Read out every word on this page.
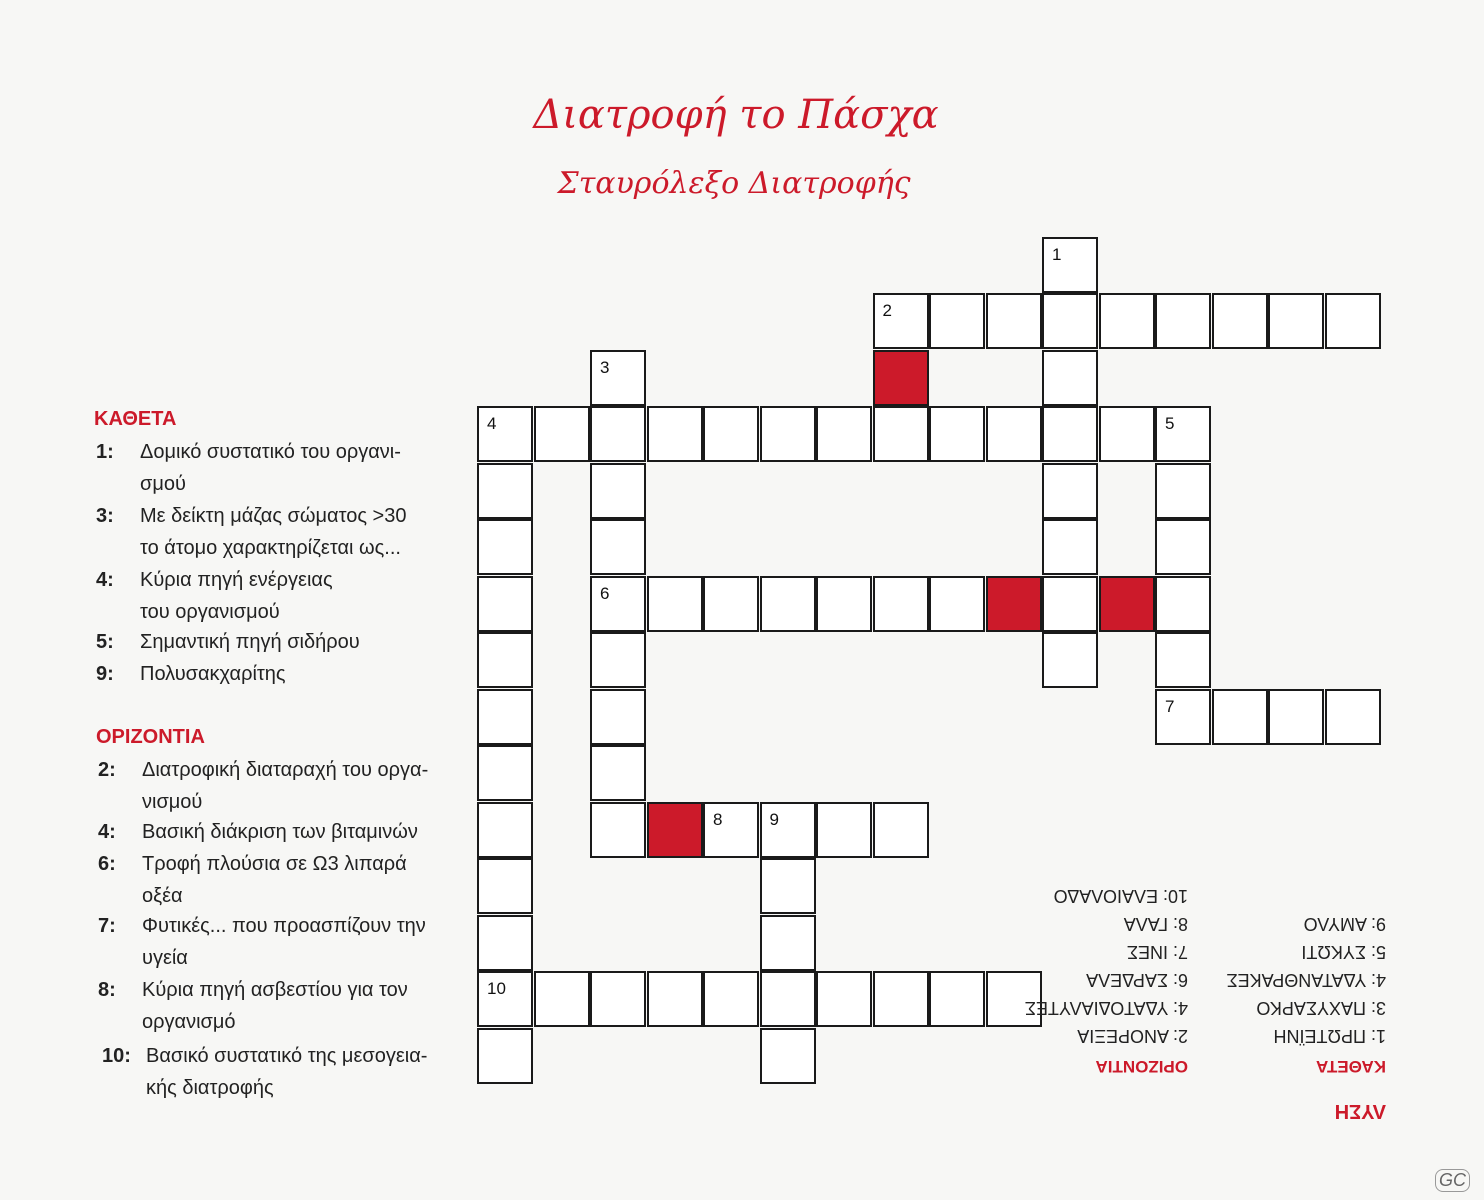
Διατροφή το Πάσχα
Σταυρόλεξο Διατροφής
ΚΑΘΕΤΑ
1: Δομικό συστατικό του οργανι-
σμού
3: Με δείκτη μάζας σώματος >30
το άτομο χαρακτηρίζεται ως...
4: Κύρια πηγή ενέργειας
του οργανισμού
5: Σημαντική πηγή σιδήρου
9: Πολυσακχαρίτης
ΟΡΙΖΟΝΤΙΑ
2: Διατροφική διαταραχή του οργα-
νισμού
4: Βασική διάκριση των βιταμινών
6: Τροφή πλούσια σε Ω3 λιπαρά
οξέα
7: Φυτικές... που προασπίζουν την
υγεία
8: Κύρια πηγή ασβεστίου για τον
οργανισμό
10: Βασικό συστατικό της μεσογεια-
κής διατροφής
1
2
3
4	5
10
6
7
8	9
ΛΥΣΗ
ΚΑΘΕΤΑ
ΟΡΙΖΟΝΤΙΑ
1: ΠΡΩΤΕΪΝΗ
3: ΠΑΧΥΣΑΡΚΟ
4: ΥΔΑΤΑΝΘΡΑΚΕΣ
5: ΣΥΚΩΤΙ
9: ΑΜΥΛΟ
2: ΑΝΟΡΕΞΙΑ
4: ΥΔΑΤΟΔΙΑΛΥΤΕΣ
6: ΣΑΡΔΕΛΑ
7: ΙΝΕΣ
8: ΓΑΛΑ
10: ΕΛΑΙΟΛΑΔΟ
GC
